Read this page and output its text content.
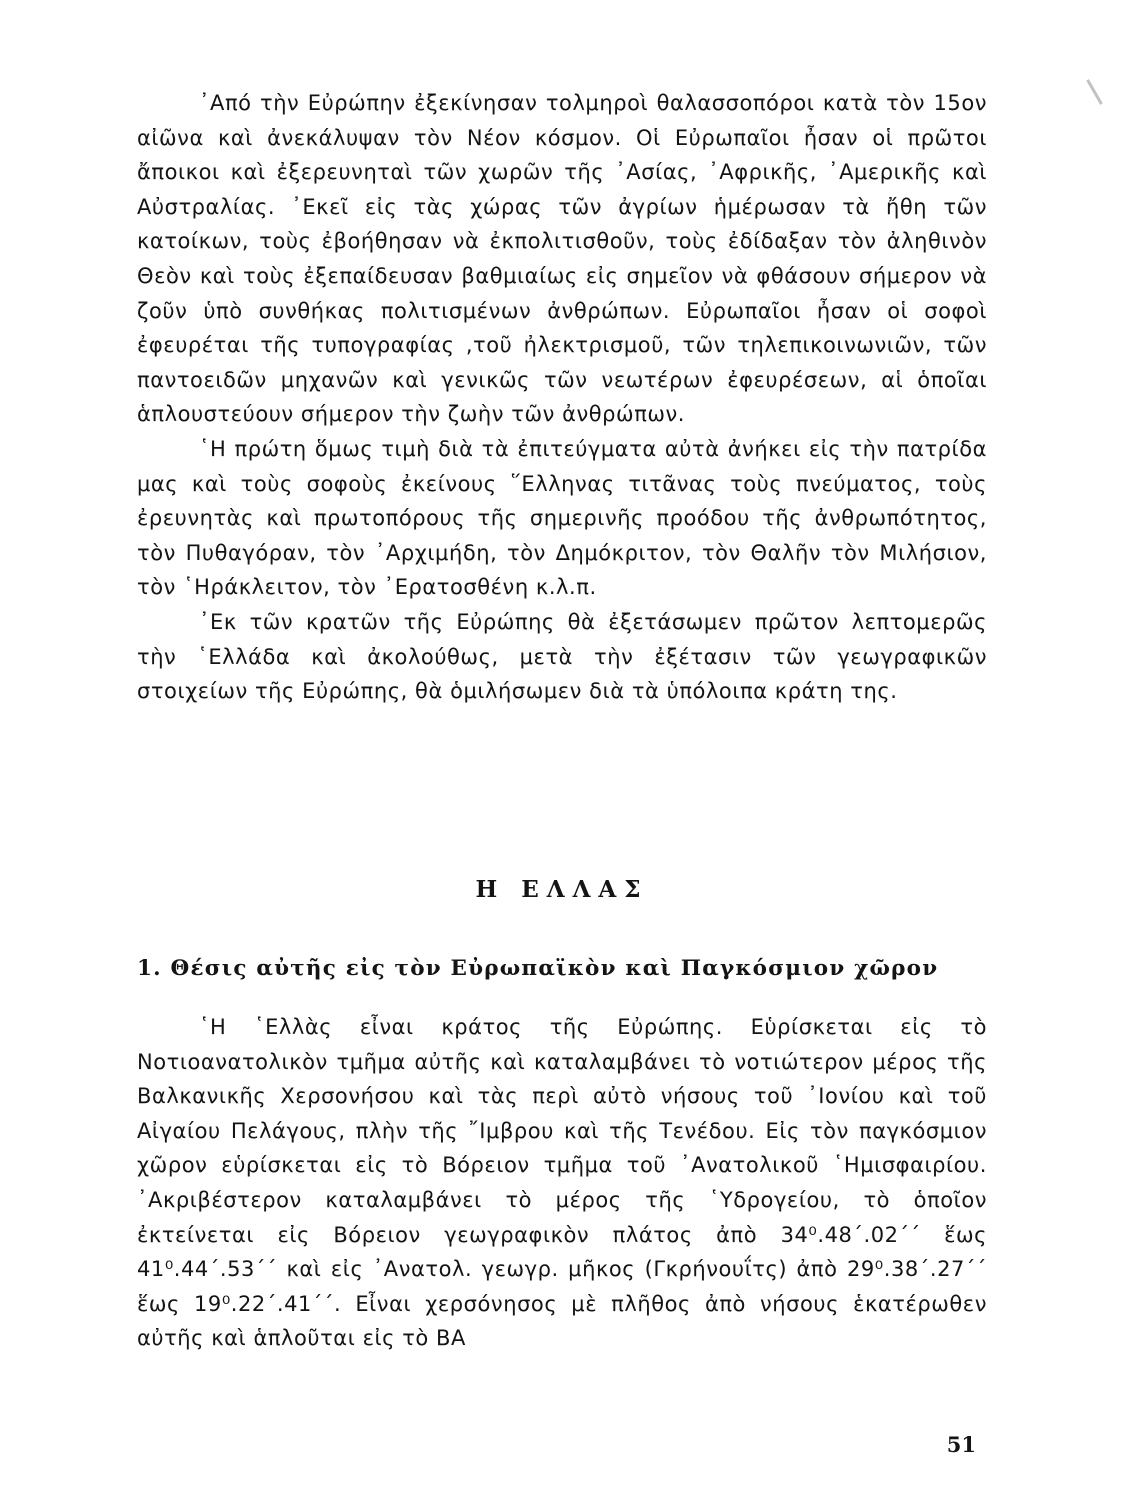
᾿Από τὴν Εὐρώπην ἐξεκίνησαν τολμηροὶ θαλασσοπόροι κατὰ τὸν 15ον αἰῶνα καὶ ἀνεκάλυψαν τὸν Νέον κόσμον. Οἱ Εὐρωπαῖοι ἦσαν οἱ πρῶτοι ἄποικοι καὶ ἐξερευνηταὶ τῶν χωρῶν τῆς ᾿Ασίας, ᾿Αφρικῆς, ᾿Αμερικῆς καὶ Αὐστραλίας. ᾿Εκεῖ εἰς τὰς χώρας τῶν ἀγρίων ἡμέρωσαν τὰ ἤθη τῶν κατοίκων, τοὺς ἐβοήθησαν νὰ ἐκπολιτισθοῦν, τοὺς ἐδίδαξαν τὸν ἀληθινὸν Θεὸν καὶ τοὺς ἐξεπαίδευσαν βαθμιαίως εἰς σημεῖον νὰ φθάσουν σήμερον νὰ ζοῦν ὑπὸ συνθήκας πολιτισμένων ἀνθρώπων. Εὐρωπαῖοι ἦσαν οἱ σοφοὶ ἐφευρέται τῆς τυπογραφίας ,τοῦ ἠλεκτρισμοῦ, τῶν τηλεπικοινωνιῶν, τῶν παντοειδῶν μηχανῶν καὶ γενικῶς τῶν νεωτέρων ἐφευρέσεων, αἱ ὁποῖαι ἁπλουστεύουν σήμερον τὴν ζωὴν τῶν ἀνθρώπων.

῾Η πρώτη ὅμως τιμὴ διὰ τὰ ἐπιτεύγματα αὐτὰ ἀνήκει εἰς τὴν πατρίδα μας καὶ τοὺς σοφοὺς ἐκείνους ῞Ελληνας τιτᾶνας τοὺς πνεύματος, τοὺς ἐρευνητὰς καὶ πρωτοπόρους τῆς σημερινῆς προόδου τῆς ἀνθρωπότητος, τὸν Πυθαγόραν, τὸν ᾿Αρχιμήδη, τὸν Δημόκριτον, τὸν Θαλῆν τὸν Μιλήσιον, τὸν ῾Ηράκλειτον, τὸν ᾿Ερατοσθένη κ.λ.π.

᾿Εκ τῶν κρατῶν τῆς Εὐρώπης θὰ ἐξετάσωμεν πρῶτον λεπτομερῶς τὴν ῾Ελλάδα καὶ ἀκολούθως, μετὰ τὴν ἐξέτασιν τῶν γεωγραφικῶν στοιχείων τῆς Εὐρώπης, θὰ ὁμιλήσωμεν διὰ τὰ ὑπόλοιπα κράτη της.

Η ΕΛΛΑΣ
1. Θέσις αὐτῆς εἰς τὸν Εὐρωπαϊκὸν καὶ Παγκόσμιον χῶρον

῾Η ῾Ελλὰς εἶναι κράτος τῆς Εὐρώπης. Εὑρίσκεται εἰς τὸ Νοτιοανατολικὸν τμῆμα αὐτῆς καὶ καταλαμβάνει τὸ νοτιώτερον μέρος τῆς Βαλκανικῆς Χερσονήσου καὶ τὰς περὶ αὐτὸ νήσους τοῦ ᾿Ιονίου καὶ τοῦ Αἰγαίου Πελάγους, πλὴν τῆς ῎Ιμβρου καὶ τῆς Τενέδου. Εἰς τὸν παγκόσμιον χῶρον εὑρίσκεται εἰς τὸ Βόρειον τμῆμα τοῦ ᾿Ανατολικοῦ ῾Ημισφαιρίου. ᾿Ακριβέστερον καταλαμβάνει τὸ μέρος τῆς ῾Υδρογείου, τὸ ὁποῖον ἐκτείνεται εἰς Βόρειον γεωγραφικὸν πλάτος ἀπὸ 34⁰.48΄.02΄΄ ἕως 41⁰.44΄.53΄΄ καὶ εἰς ᾿Ανατολ. γεωγρ. μῆκος (Γκρήνουΐτς) ἀπὸ 29⁰.38΄.27΄΄ ἕως 19⁰.22΄.41΄΄. Εἶναι χερσόνησος μὲ πλῆθος ἀπὸ νήσους ἑκατέρωθεν αὐτῆς καὶ ἁπλοῦται εἰς τὸ ΒΑ

51
